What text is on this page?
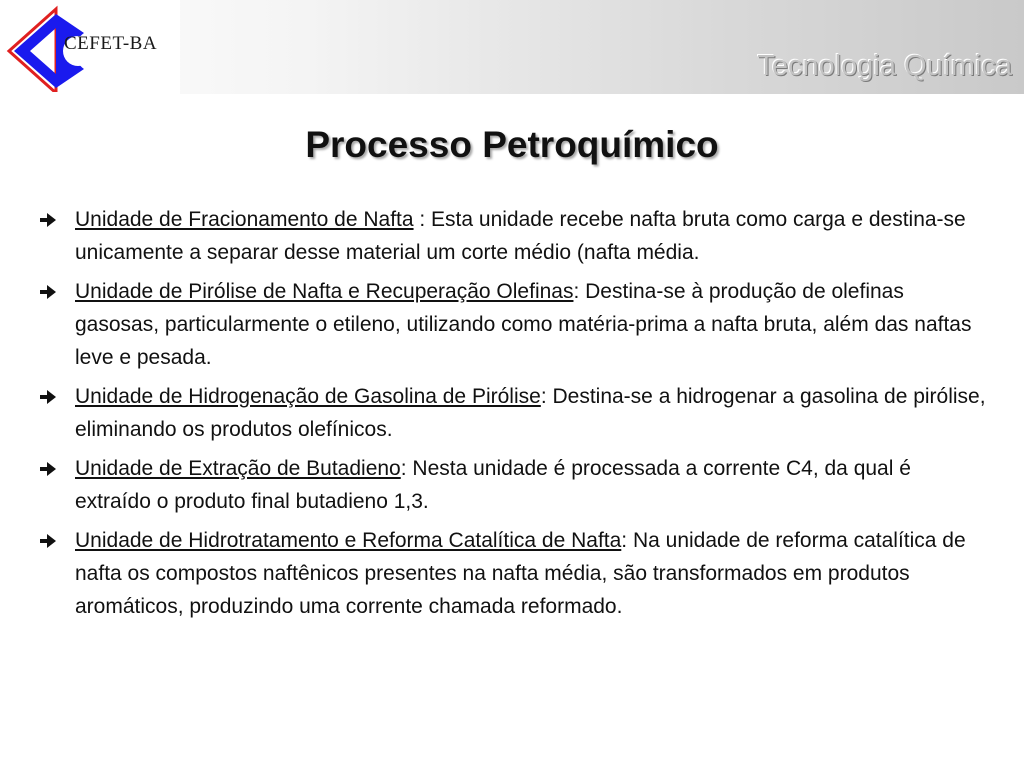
CEFET-BA
Tecnologia Química
Processo Petroquímico
Unidade de Fracionamento de Nafta : Esta unidade recebe nafta bruta como carga e destina-se unicamente a separar desse material um corte médio (nafta média.
Unidade de Pirólise de Nafta e Recuperação Olefinas: Destina-se à produção de olefinas gasosas, particularmente o etileno, utilizando como matéria-prima a nafta bruta, além das naftas leve e pesada.
Unidade de Hidrogenação de Gasolina de Pirólise: Destina-se a hidrogenar a gasolina de pirólise, eliminando os produtos olefínicos.
Unidade de Extração de Butadieno: Nesta unidade é processada a corrente C4, da qual é extraído o produto final butadieno 1,3.
Unidade de Hidrotratamento e Reforma Catalítica de Nafta: Na unidade de reforma catalítica de nafta os compostos naftênicos presentes na nafta média, são transformados em produtos aromáticos, produzindo uma corrente chamada reformado.
